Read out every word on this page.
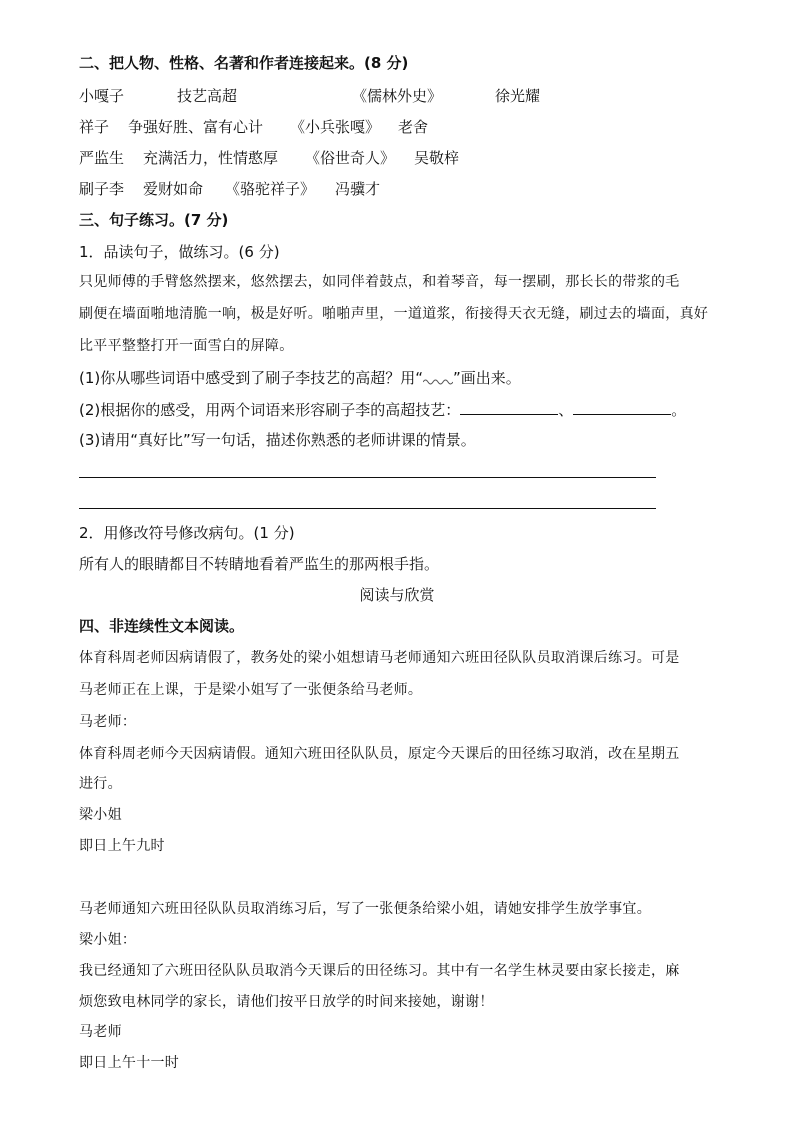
二、把人物、性格、名著和作者连接起来。(8 分)
小嘎子	技艺高超	《儒林外史》	徐光耀
祥子 争强好胜、富有心计 《小兵张嘎》 老舍
严监生 充满活力，性情憨厚 《俗世奇人》 吴敬梓
刷子李 爱财如命 《骆驼祥子》 冯骥才
三、句子练习。(7 分)
1．品读句子，做练习。(6 分)
只见师傅的手臂悠然摆来，悠然摆去，如同伴着鼓点，和着琴音，每一摆刷，那长长的带浆的毛
刷便在墙面啪地清脆一响，极是好听。啪啪声里，一道道浆，衔接得天衣无缝，刷过去的墙面，真好
比平平整整打开一面雪白的屏障。
(1)你从哪些词语中感受到了刷子李技艺的高超？用“ ”画出来。
(2)根据你的感受，用两个词语来形容刷子李的高超技艺：	、	。
(3)请用“真好比”写一句话，描述你熟悉的老师讲课的情景。
2．用修改符号修改病句。(1 分)
所有人的眼睛都目不转睛地看着严监生的那两根手指。
阅读与欣赏
四、非连续性文本阅读。
体育科周老师因病请假了，教务处的梁小姐想请马老师通知六班田径队队员取消课后练习。可是
马老师正在上课，于是梁小姐写了一张便条给马老师。
马老师：
体育科周老师今天因病请假。通知六班田径队队员，原定今天课后的田径练习取消，改在星期五
进行。
梁小姐
即日上午九时
马老师通知六班田径队队员取消练习后，写了一张便条给梁小姐，请她安排学生放学事宜。
梁小姐：
我已经通知了六班田径队队员取消今天课后的田径练习。其中有一名学生林灵要由家长接走，麻
烦您致电林同学的家长，请他们按平日放学的时间来接她，谢谢！
马老师
即日上午十一时
